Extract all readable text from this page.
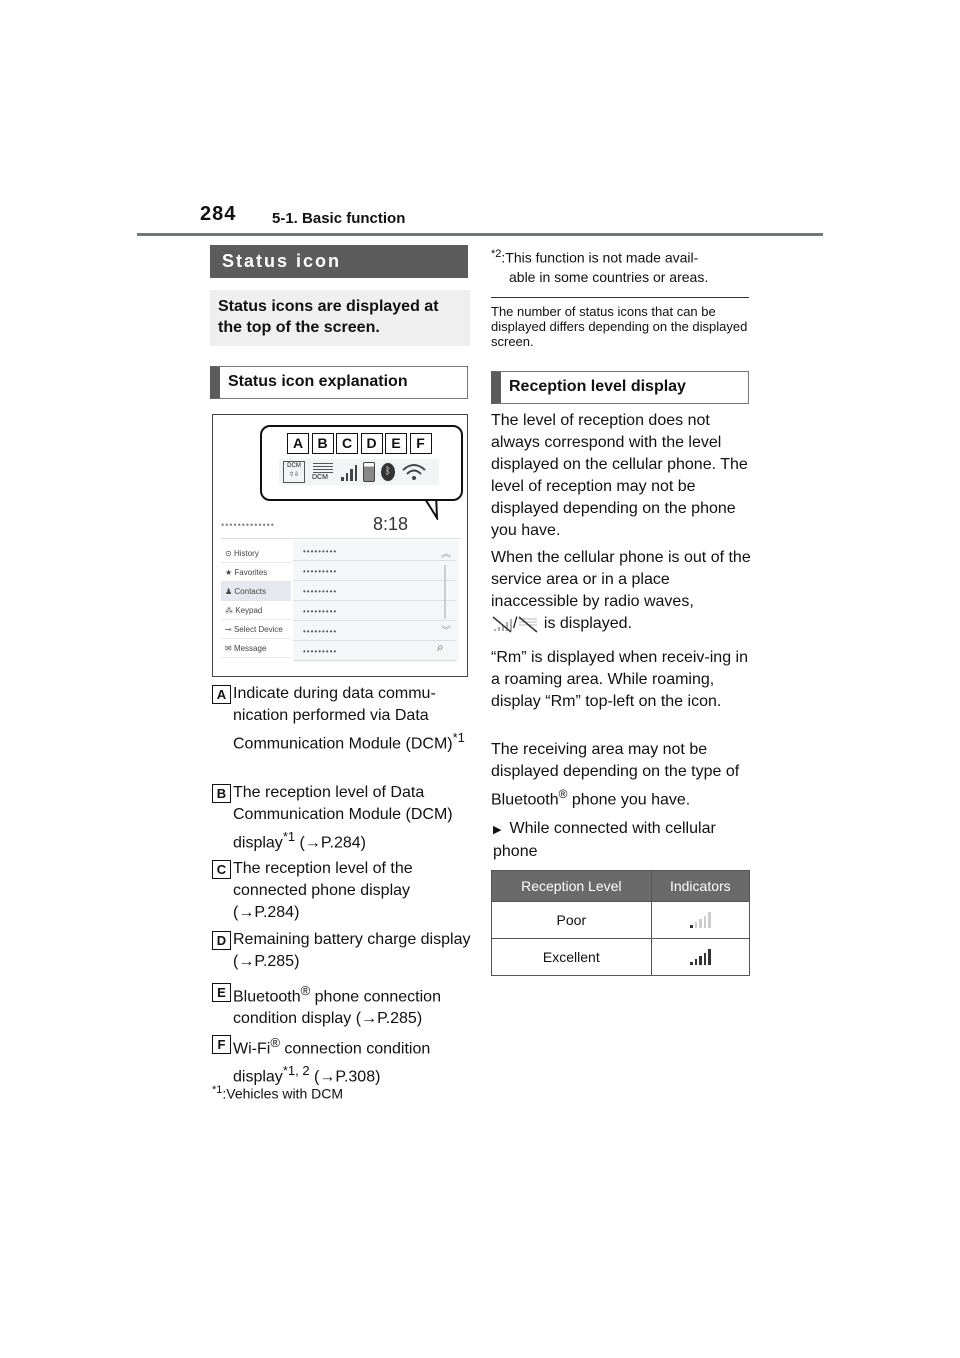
284 5-1. Basic function
Status icon
Status icons are displayed at the top of the screen.
Status icon explanation
A	B	C	D	E	F
DCM
⇧⇩	DCM
ᛒ
•••••••••••••	8:18
⊙ History
★ Favorites
♟ Contacts
⁂ Keypad
⊸ Select Device
✉ Message
•••••••••
•••••••••
•••••••••
•••••••••
•••••••••
•••••••••
︽
︾
⌕
A Indicate during data commu-nication performed via Data Communication Module (DCM)$^{*1}$
B The reception level of Data Communication Module (DCM) display$^{*1}$ (→P.284)
C The reception level of the connected phone display (→P.284)
D Remaining battery charge display (→P.285)
E Bluetooth® phone connection condition display (→P.285)
F Wi-Fi® connection condition display$^{*1, 2}$ (→P.308)
$^{*1}$:Vehicles with DCM
$^{*2}$:This function is not made avail-
able in some countries or areas.
The number of status icons that can be displayed differs depending on the displayed screen.
Reception level display
The level of reception does not always correspond with the level displayed on the cellular phone. The level of reception may not be displayed depending on the phone you have.
When the cellular phone is out of the service area or in a place inaccessible by radio waves,
/ is displayed.
“Rm” is displayed when receiv-ing in a roaming area. While roaming, display “Rm” top-left on the icon.
The receiving area may not be displayed depending on the type of Bluetooth® phone you have.
▶ While connected with cellular phone
Reception Level	Indicators
Poor	

Excellent	
